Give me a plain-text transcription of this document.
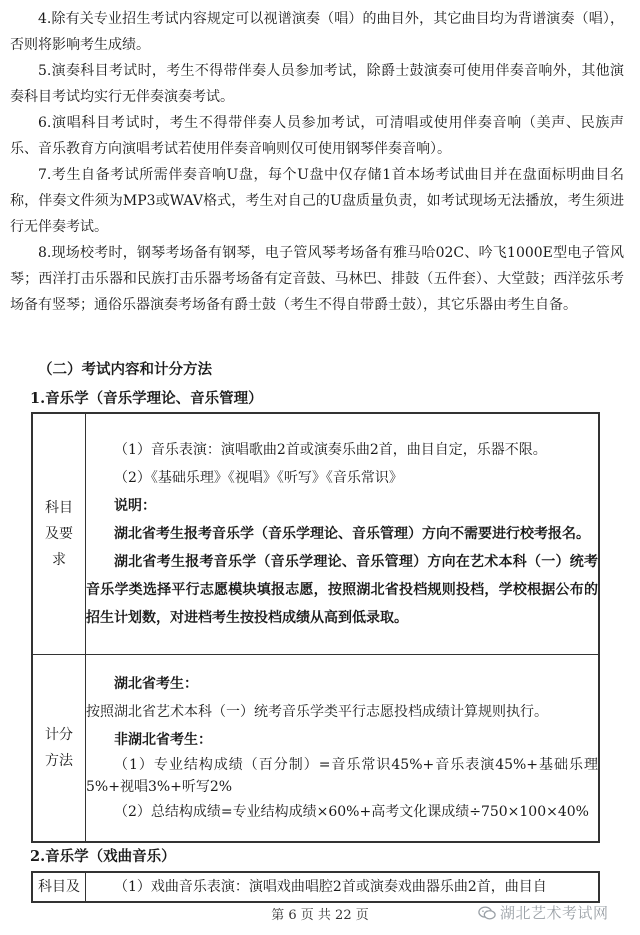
4.除有关专业招生考试内容规定可以视谱演奏（唱）的曲目外，其它曲目均为背谱演奏（唱），否则将影响考生成绩。

5.演奏科目考试时，考生不得带伴奏人员参加考试，除爵士鼓演奏可使用伴奏音响外，其他演奏科目考试均实行无伴奏演奏考试。

6.演唱科目考试时，考生不得带伴奏人员参加考试，可清唱或使用伴奏音响（美声、民族声乐、音乐教育方向演唱考试若使用伴奏音响则仅可使用钢琴伴奏音响）。

7.考生自备考试所需伴奏音响U盘，每个U盘中仅存储1首本场考试曲目并在盘面标明曲目名称，伴奏文件须为MP3或WAV格式，考生对自己的U盘质量负责，如考试现场无法播放，考生须进行无伴奏考试。

8.现场校考时，钢琴考场备有钢琴，电子管风琴考场备有雅马哈02C、吟飞1000E型电子管风琴；西洋打击乐器和民族打击乐器考场备有定音鼓、马林巴、排鼓（五件套）、大堂鼓；西洋弦乐考场备有竖琴；通俗乐器演奏考场备有爵士鼓（考生不得自带爵士鼓），其它乐器由考生自备。

（二）考试内容和计分方法

1.音乐学（音乐学理论、音乐管理）

科目及要求	（1）音乐表演：演唱歌曲2首或演奏乐曲2首，曲目自定，乐器不限。

（2）《基础乐理》《视唱》《听写》《音乐常识》

说明：

湖北省考生报考音乐学（音乐学理论、音乐管理）方向不需要进行校考报名。

湖北省考生报考音乐学（音乐学理论、音乐管理）方向在艺术本科（一）统考音乐学类选择平行志愿模块填报志愿，按照湖北省投档规则投档，学校根据公布的招生计划数，对进档考生按投档成绩从高到低录取。

计分方法	湖北省考生：

按照湖北省艺术本科（一）统考音乐学类平行志愿投档成绩计算规则执行。

非湖北省考生：

（1）专业结构成绩（百分制）=音乐常识45%+音乐表演45%+基础乐理5%+视唱3%+听写2%

（2）总结构成绩=专业结构成绩×60%+高考文化课成绩÷750×100×40%

2.音乐学（戏曲音乐）

科目及	（1）戏曲音乐表演：演唱戏曲唱腔2首或演奏戏曲器乐曲2首，曲目自

第 6 页 共 22 页	湖北艺术考试网
